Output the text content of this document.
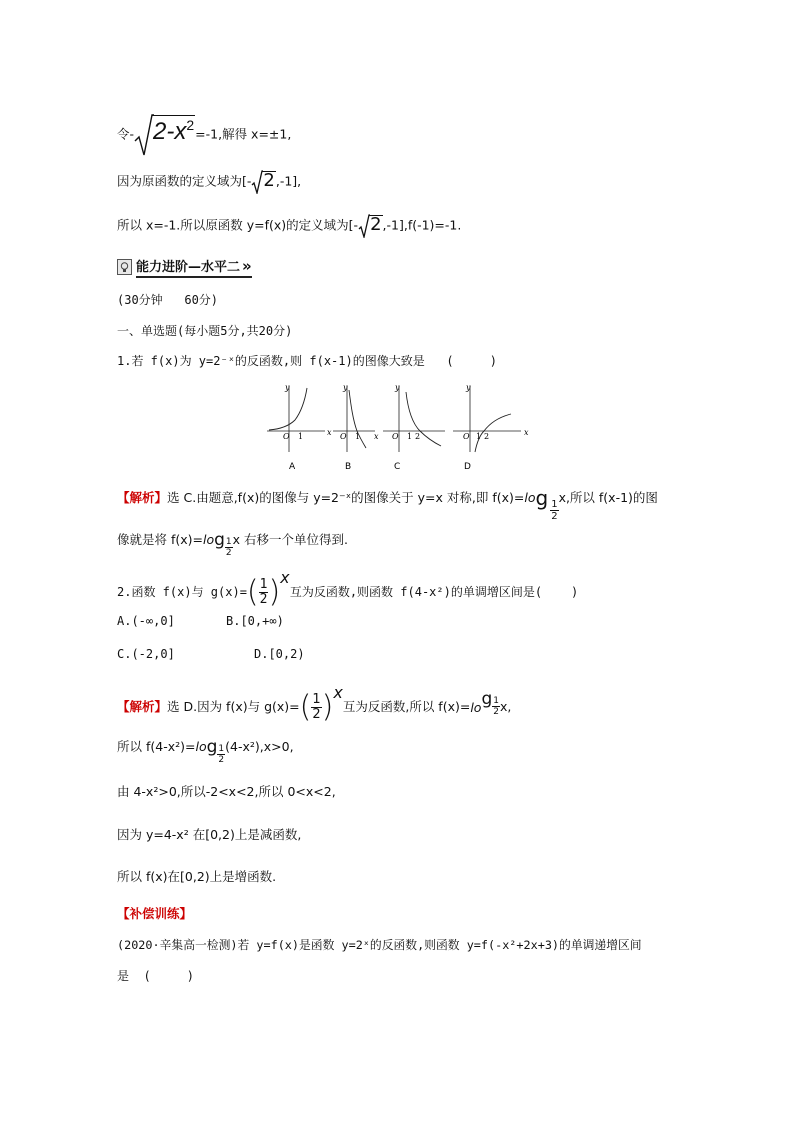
令- $2-x^2=-1$,解得 x=±1,
因为原函数的定义域为[- 2,-1],
所以 x=-1.所以原函数 y=f(x)的定义域为[- 2,-1],f(-1)=-1.
能力进阶—水平二 »
(30分钟   60分)
一、单选题(每小题5分,共20分)
1.若 f(x)为 y=2⁻ˣ的反函数,则 f(x-1)的图像大致是   (     )
y
x
O 1
A
y
x
O 1
B
y
O 1 2
C
y
x
O 1 2
D
【解析】选 C.由题意,f(x)的图像与 y=2⁻ˣ的图像关于 y=x 对称,即 f(x)= lo g
$\frac{1}{2}$
x,所以 f(x-1)的图
像就是将 f(x)= lo g $\frac{1}{2}$ x 右移一个单位得到.
2.函数 f(x)与 $g(x)=( \frac{1}{2} )^x$互为反函数,则函数 f(4-x²)的单调增区间是(    )
A.(-∞,0]	B.[0,+∞)
C.(-2,0]	D.[0,2)
【解析】选 D.因为 f(x)与 $g(x)=( \frac{1}{2} )^x$互为反函数,所以 f(x)= lo g $\frac{1}{2} x$,
所以 f(4-x²)= lo g $\frac{1}{2} (4-x^2),x>0$,
由 4-x²>0,所以-2<x<2,所以 0<x<2,
因为 y=4-x² 在[0,2)上是减函数,
所以 f(x)在[0,2)上是增函数.
【补偿训练】
(2020·辛集高一检测)若 y=f(x)是函数 y=2ˣ的反函数,则函数 y=f(-x²+2x+3)的单调递增区间
是  (     )
